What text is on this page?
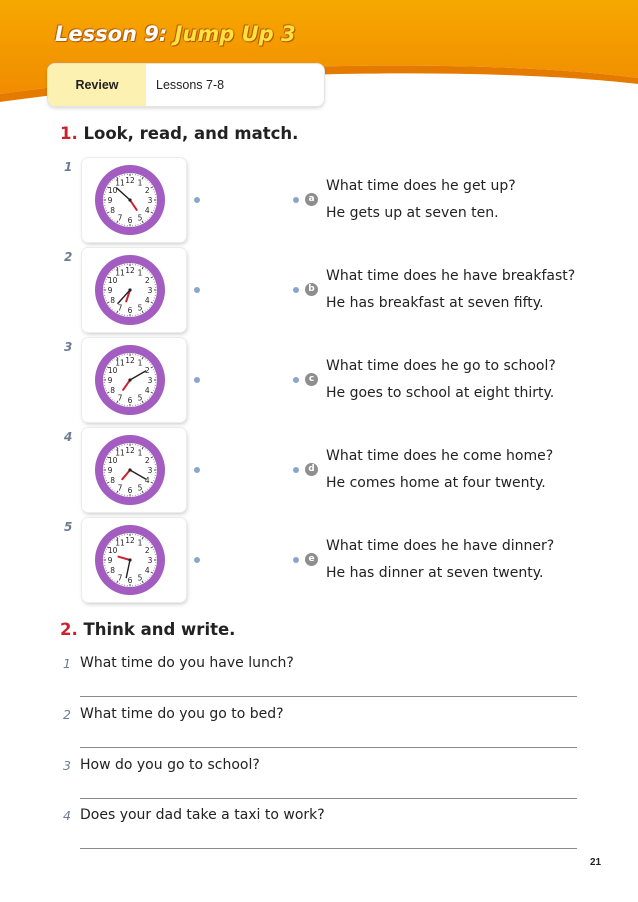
Lesson 9: Jump Up 3
Review	Lessons 7-8
1. Look, read, and match.
1
1
2
3
4
5
6
7
8
9
10
11 12
a
What time does he get up?
He gets up at seven ten.
2
1
2
3
4
5
6
7
8
9
10
11 12
b
What time does he have breakfast?
He has breakfast at seven fifty.
3
1
2
3
4
5
6
7
8
9
10
11 12
c
What time does he go to school?
He goes to school at eight thirty.
4
1
2
3
4
5
6
7
8
9
10
11 12
d
What time does he come home?
He comes home at four twenty.
5
1
2
3
4
5
6
7
8
9
10
11 12
e
What time does he have dinner?
He has dinner at seven twenty.
2. Think and write.
1 What time do you have lunch?
2 What time do you go to bed?
3 How do you go to school?
4 Does your dad take a taxi to work?
21
